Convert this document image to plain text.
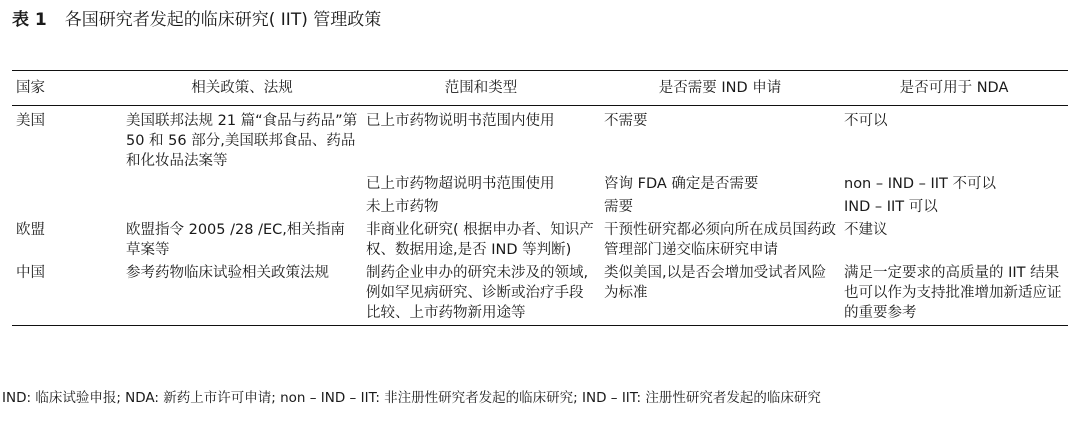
表 1 各国研究者发起的临床研究( IIT) 管理政策
国家	相关政策、法规	范围和类型	是否需要 IND 申请	是否可用于 NDA
美国	美国联邦法规 21 篇“食品与药品”第 50 和 56 部分,美国联邦食品、药品和化妆品法案等	已上市药物说明书范围内使用	不需要	不可以
		已上市药物超说明书范围使用	咨询 FDA 确定是否需要	non – IND – IIT 不可以
		未上市药物	需要	IND – IIT 可以
欧盟	欧盟指令 2005 /28 /EC,相关指南草案等	非商业化研究( 根据申办者、知识产权、数据用途,是否 IND 等判断)	干预性研究都必须向所在成员国药政管理部门递交临床研究申请	不建议
中国	参考药物临床试验相关政策法规	制药企业申办的研究未涉及的领域,例如罕见病研究、诊断或治疗手段比较、上市药物新用途等	类似美国,以是否会增加受试者风险为标准	满足一定要求的高质量的 IIT 结果也可以作为支持批准增加新适应证的重要参考
IND: 临床试验申报; NDA: 新药上市许可申请; non – IND – IIT: 非注册性研究者发起的临床研究; IND – IIT: 注册性研究者发起的临床研究
